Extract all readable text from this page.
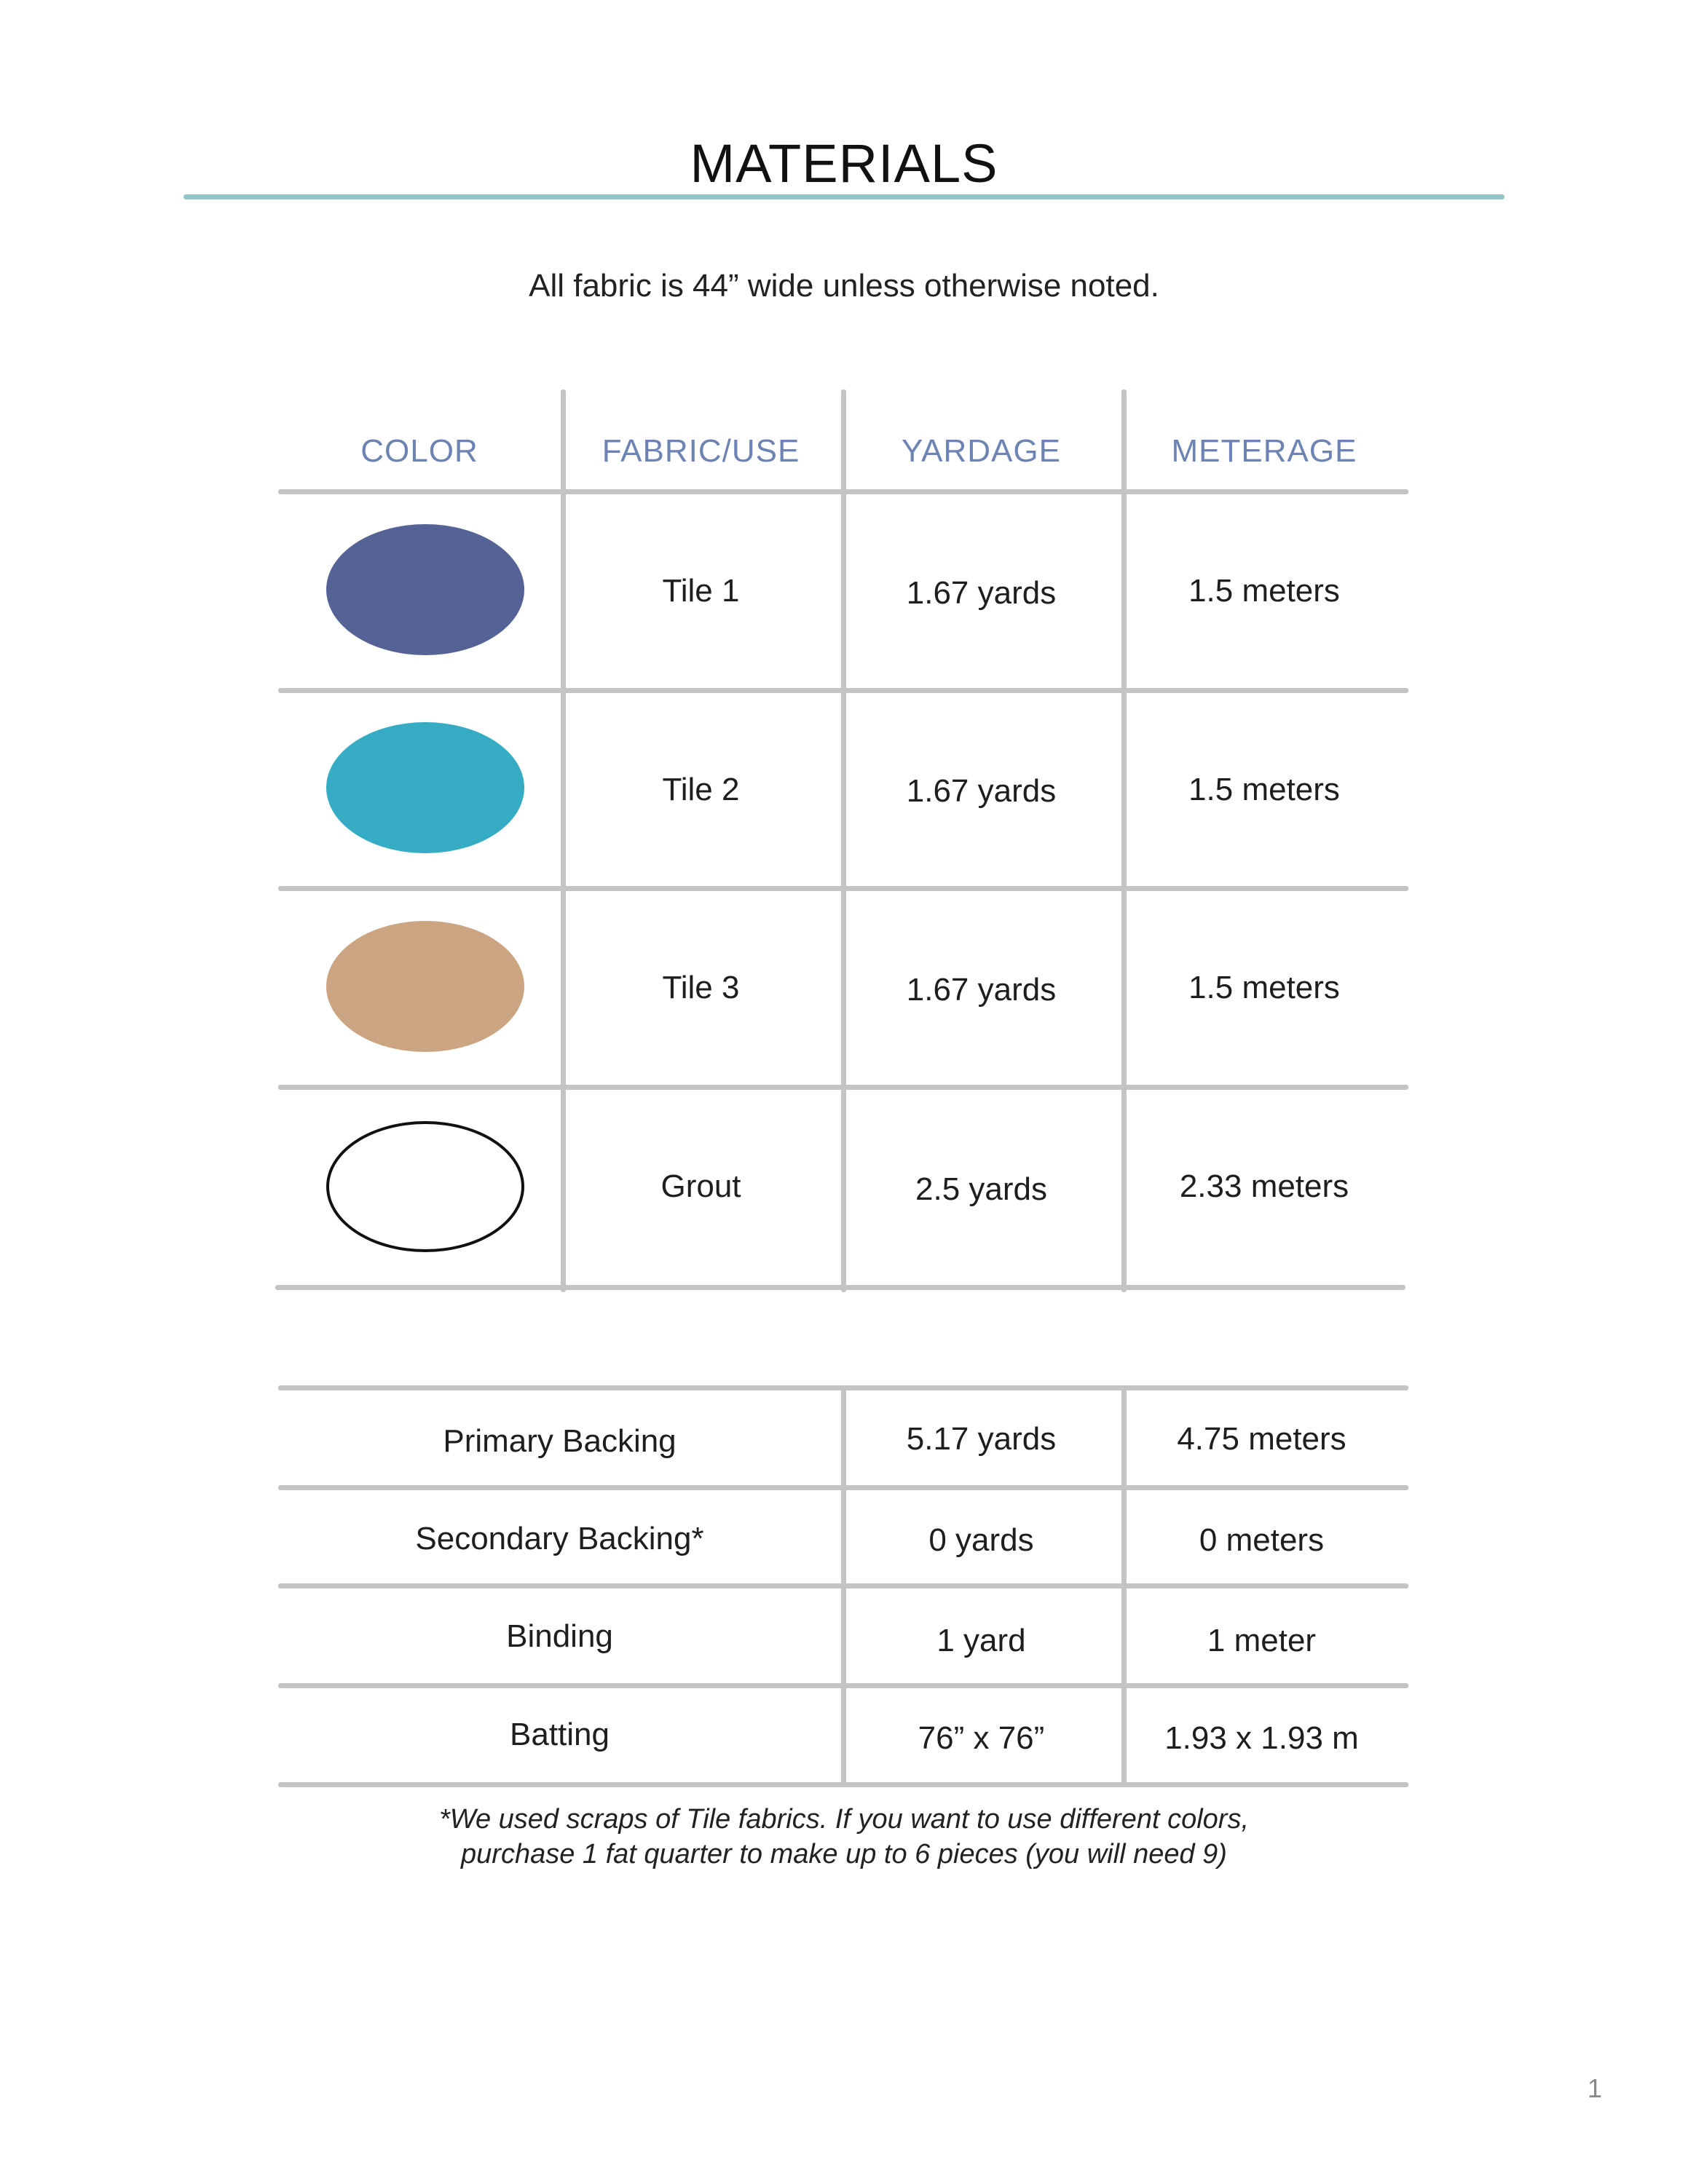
MATERIALS
All fabric is 44” wide unless otherwise noted.
COLOR	FABRIC/USE	YARDAGE	METERAGE
Tile 1	1.67 yards	1.5 meters
Tile 2	1.67 yards	1.5 meters
Tile 3	1.67 yards	1.5 meters
Grout	2.5 yards	2.33 meters
Primary Backing	5.17 yards	4.75 meters
Secondary Backing*	0 yards	0 meters
Binding	1 yard	1 meter
Batting	76” x 76”	1.93 x 1.93 m
*We used scraps of Tile fabrics. If you want to use different colors,
purchase 1 fat quarter to make up to 6 pieces (you will need 9)
1
